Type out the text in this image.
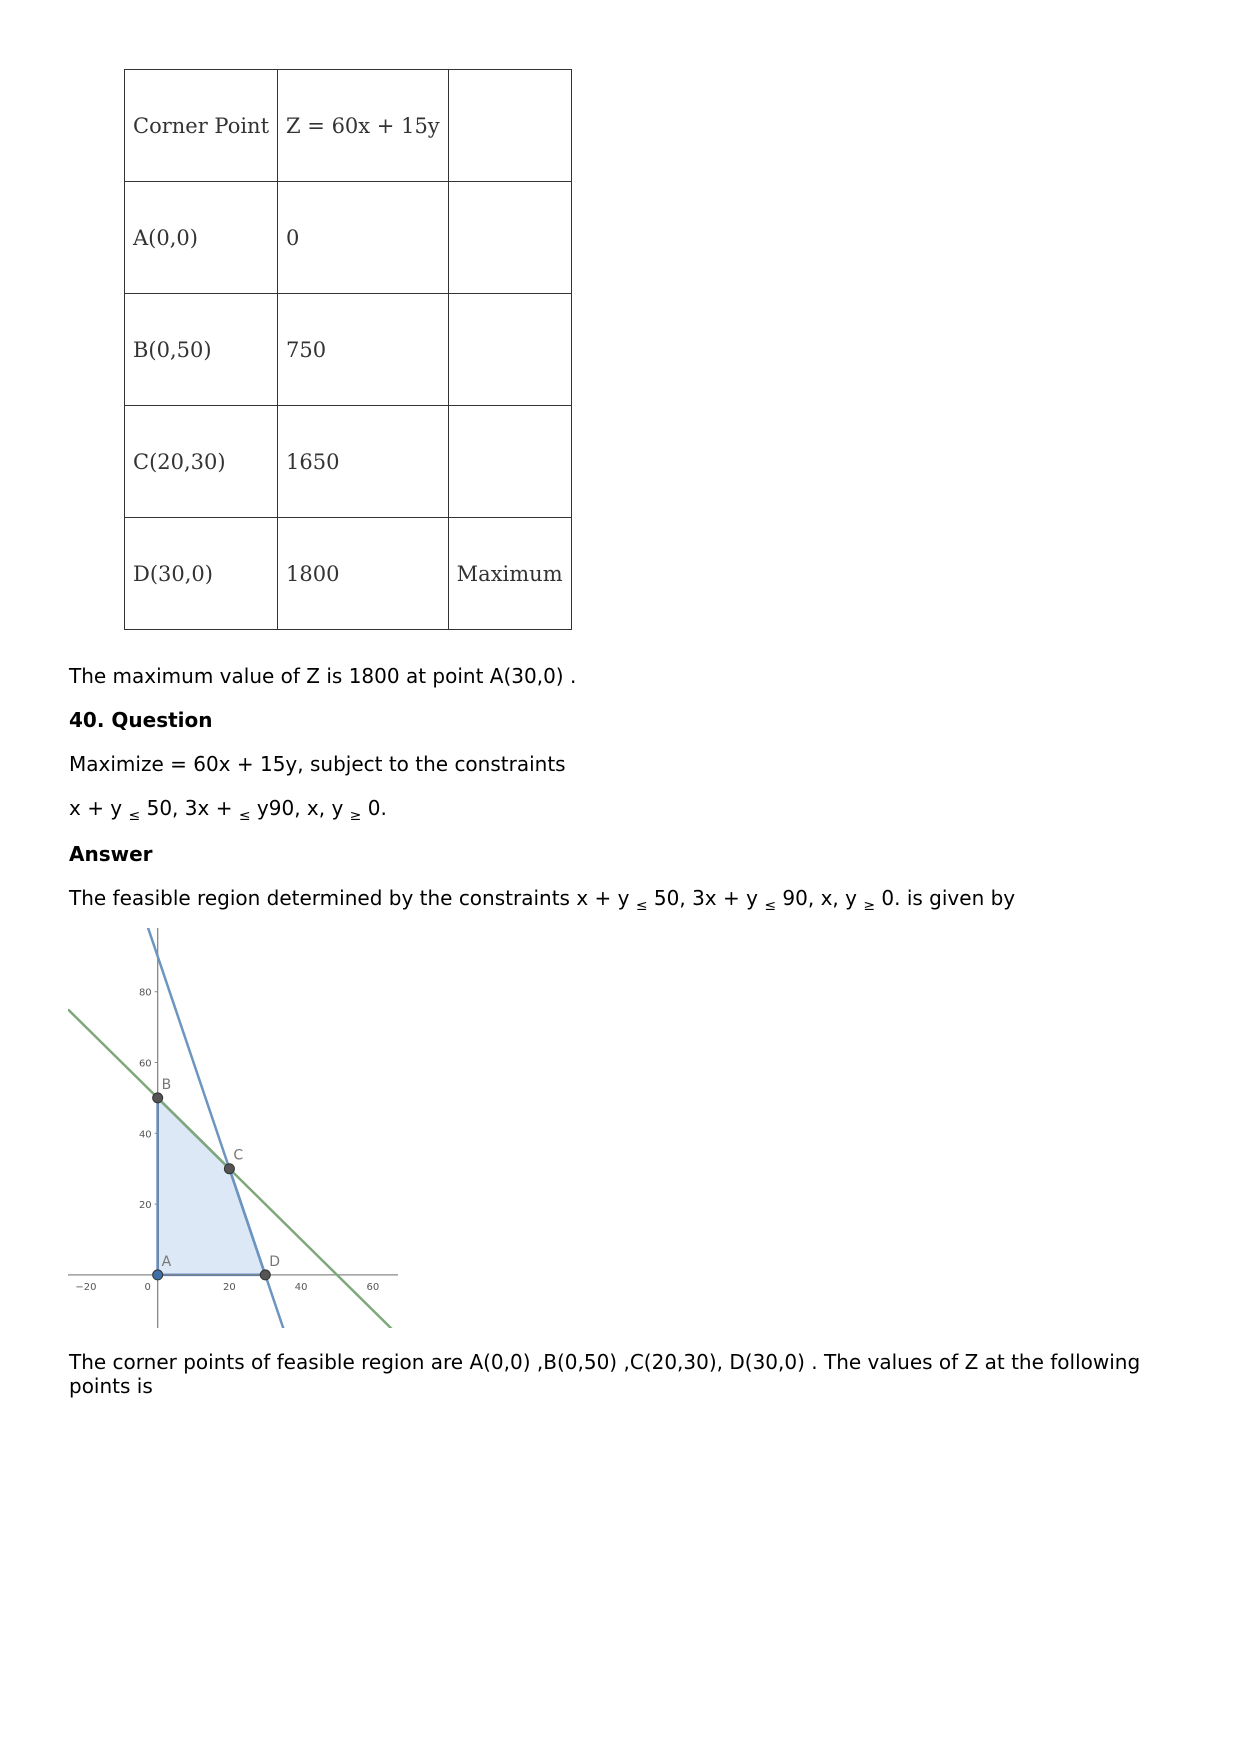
Corner Point	Z = 60x + 15y	
A(0,0)	0	
B(0,50)	750	
C(20,30)	1650	
D(30,0)	1800	Maximum

The maximum value of Z is 1800 at point A(30,0) .

40. Question

Maximize = 60x + 15y, subject to the constraints

x + y $_\le$ 50, 3x + $_\le$ y90, x, y $_\ge$ 0.

Answer

The feasible region determined by the constraints x + y $_\le$ 50, 3x + y $_\le$ 90, x, y $_\ge$ 0. is given by

−20	0	20	40	60
20
40
60
80
A
B
C
D

The corner points of feasible region are A(0,0) ,B(0,50) ,C(20,30), D(30,0) . The values of Z at the following
points is
